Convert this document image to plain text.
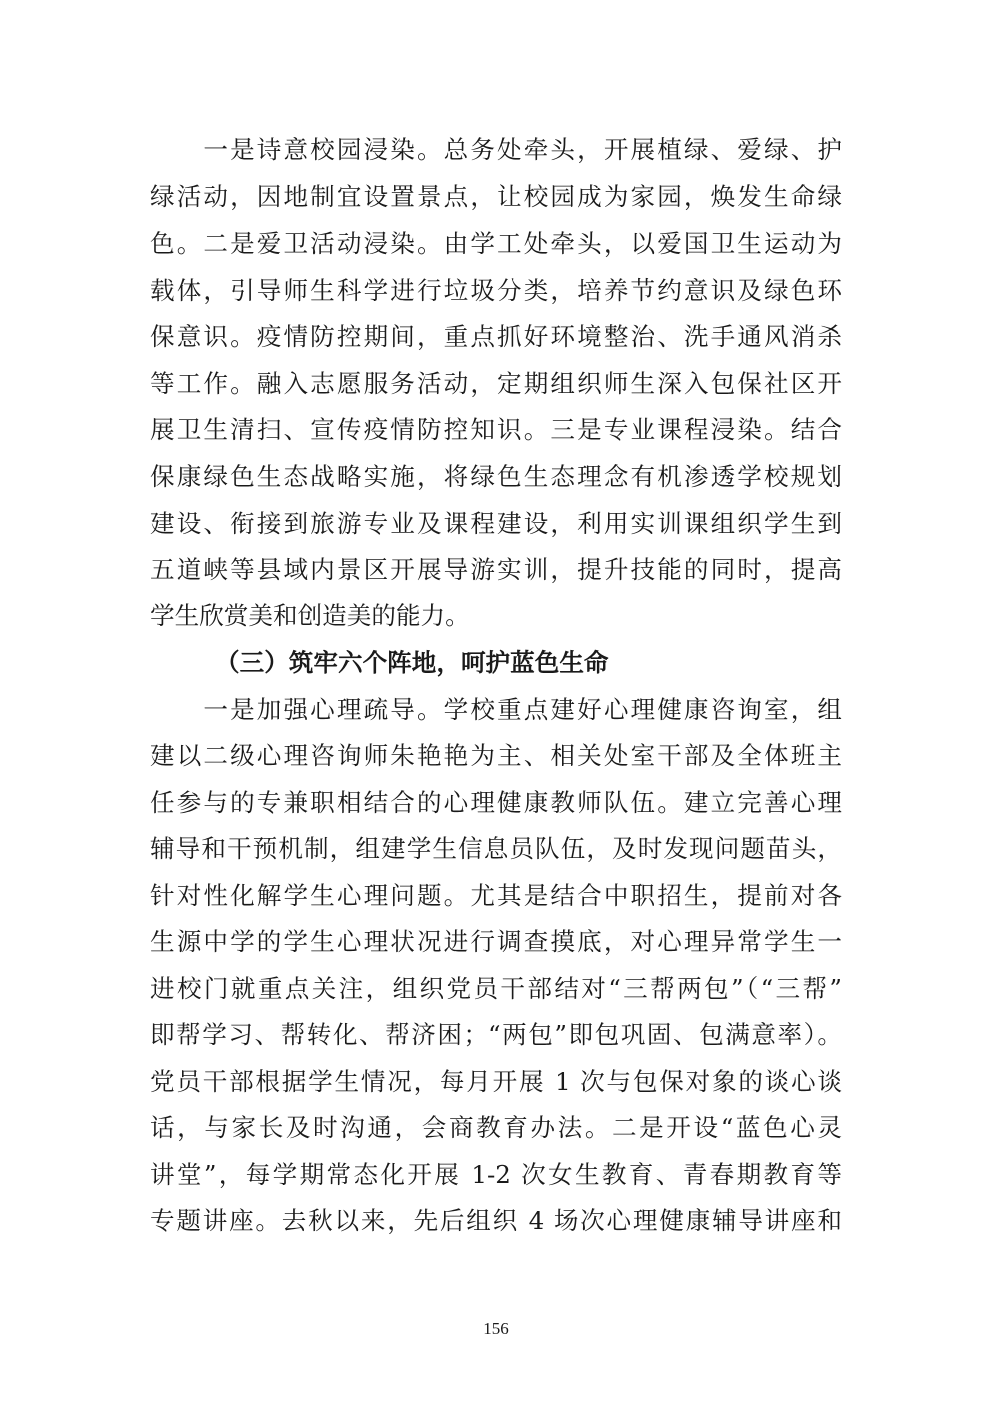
　　一是诗意校园浸染。总务处牵头，开展植绿、爱绿、护
绿活动，因地制宜设置景点，让校园成为家园，焕发生命绿
色。二是爱卫活动浸染。由学工处牵头，以爱国卫生运动为
载体，引导师生科学进行垃圾分类，培养节约意识及绿色环
保意识。疫情防控期间，重点抓好环境整治、洗手通风消杀
等工作。融入志愿服务活动，定期组织师生深入包保社区开
展卫生清扫、宣传疫情防控知识。三是专业课程浸染。结合
保康绿色生态战略实施，将绿色生态理念有机渗透学校规划
建设、衔接到旅游专业及课程建设，利用实训课组织学生到
五道峡等县域内景区开展导游实训，提升技能的同时，提高
学生欣赏美和创造美的能力。
（三）筑牢六个阵地，呵护蓝色生命
　　一是加强心理疏导。学校重点建好心理健康咨询室，组
建以二级心理咨询师朱艳艳为主、相关处室干部及全体班主
任参与的专兼职相结合的心理健康教师队伍。建立完善心理
辅导和干预机制，组建学生信息员队伍，及时发现问题苗头，
针对性化解学生心理问题。尤其是结合中职招生，提前对各
生源中学的学生心理状况进行调查摸底，对心理异常学生一
进校门就重点关注，组织党员干部结对“三帮两包”（“三帮”
即帮学习、帮转化、帮济困；“两包”即包巩固、包满意率）。
党员干部根据学生情况，每月开展 1 次与包保对象的谈心谈
话，与家长及时沟通，会商教育办法。二是开设“蓝色心灵
讲堂”，每学期常态化开展 1-2 次女生教育、青春期教育等
专题讲座。去秋以来，先后组织 4 场次心理健康辅导讲座和
156
